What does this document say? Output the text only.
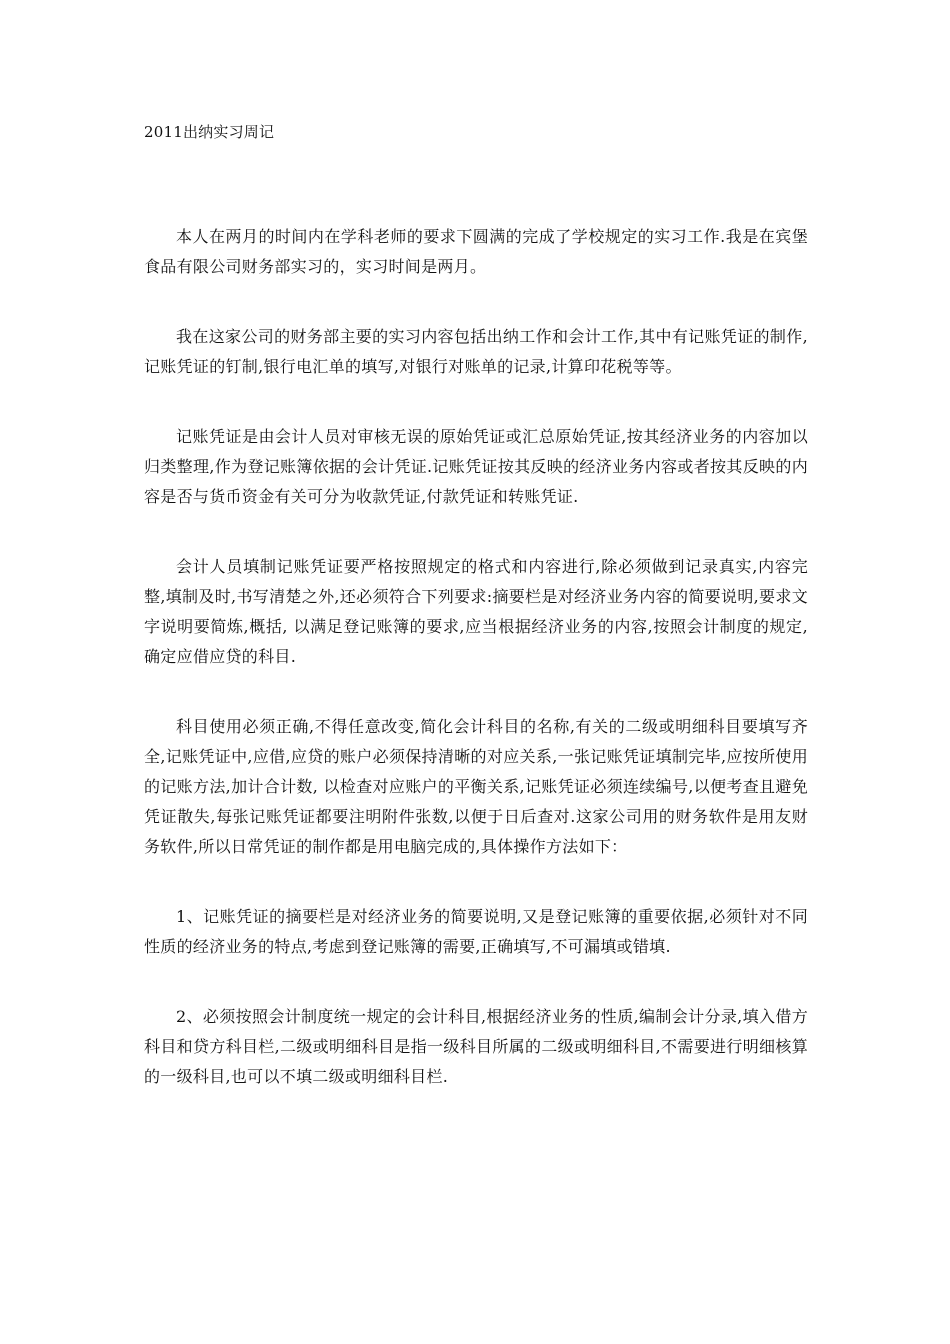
2011出纳实习周记

本人在两月的时间内在学科老师的要求下圆满的完成了学校规定的实习工作.我是在宾堡食品有限公司财务部实习的，实习时间是两月。

我在这家公司的财务部主要的实习内容包括出纳工作和会计工作,其中有记账凭证的制作,记账凭证的钉制,银行电汇单的填写,对银行对账单的记录,计算印花税等等。

记账凭证是由会计人员对审核无误的原始凭证或汇总原始凭证,按其经济业务的内容加以归类整理,作为登记账簿依据的会计凭证.记账凭证按其反映的经济业务内容或者按其反映的内容是否与货币资金有关可分为收款凭证,付款凭证和转账凭证.

会计人员填制记账凭证要严格按照规定的格式和内容进行,除必须做到记录真实,内容完整,填制及时,书写清楚之外,还必须符合下列要求:摘要栏是对经济业务内容的简要说明,要求文字说明要简炼,概括, 以满足登记账簿的要求,应当根据经济业务的内容,按照会计制度的规定,确定应借应贷的科目.

科目使用必须正确,不得任意改变,简化会计科目的名称,有关的二级或明细科目要填写齐全,记账凭证中,应借,应贷的账户必须保持清晰的对应关系,一张记账凭证填制完毕,应按所使用的记账方法,加计合计数, 以检查对应账户的平衡关系,记账凭证必须连续编号,以便考查且避免凭证散失,每张记账凭证都要注明附件张数,以便于日后查对.这家公司用的财务软件是用友财务软件,所以日常凭证的制作都是用电脑完成的,具体操作方法如下：

1、记账凭证的摘要栏是对经济业务的简要说明,又是登记账簿的重要依据,必须针对不同性质的经济业务的特点,考虑到登记账簿的需要,正确填写,不可漏填或错填.

2、必须按照会计制度统一规定的会计科目,根据经济业务的性质,编制会计分录,填入借方科目和贷方科目栏,二级或明细科目是指一级科目所属的二级或明细科目,不需要进行明细核算的一级科目,也可以不填二级或明细科目栏.
